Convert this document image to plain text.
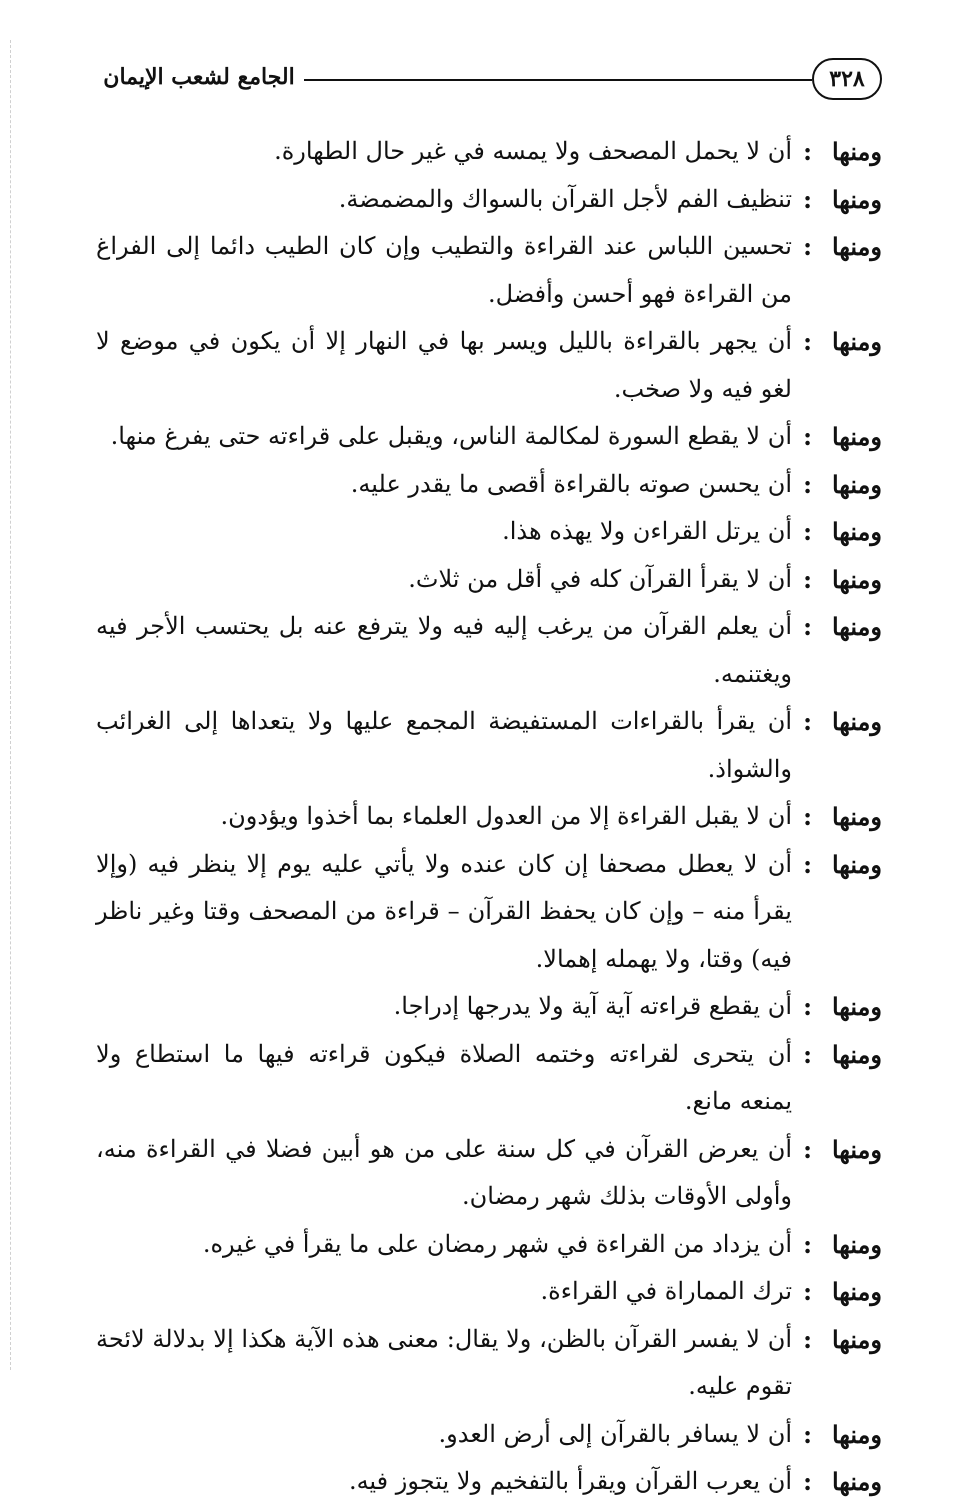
٣٢٨
الجامع لشعب الإيمان
ومنها
:
أن لا يحمل المصحف ولا يمسه في غير حال الطهارة.
ومنها
:
تنظيف الفم لأجل القرآن بالسواك والمضمضة.
ومنها
:
تحسين اللباس عند القراءة والتطيب وإن كان الطيب دائما إلى الفراغ من القراءة فهو أحسن وأفضل.
ومنها
:
أن يجهر بالقراءة بالليل ويسر بها في النهار إلا أن يكون في موضع لا لغو فيه ولا صخب.
ومنها
:
أن لا يقطع السورة لمكالمة الناس، ويقبل على قراءته حتى يفرغ منها.
ومنها
:
أن يحسن صوته بالقراءة أقصى ما يقدر عليه.
ومنها
:
أن يرتل القراءن ولا يهذه هذا.
ومنها
:
أن لا يقرأ القرآن كله في أقل من ثلاث.
ومنها
:
أن يعلم القرآن من يرغب إليه فيه ولا يترفع عنه بل يحتسب الأجر فيه ويغتنمه.
ومنها
:
أن يقرأ بالقراءات المستفيضة المجمع عليها ولا يتعداها إلى الغرائب والشواذ.
ومنها
:
أن لا يقبل القراءة إلا من العدول العلماء بما أخذوا ويؤدون.
ومنها
:
أن لا يعطل مصحفا إن كان عنده ولا يأتي عليه يوم إلا ينظر فيه (وإلا يقرأ منه – وإن كان يحفظ القرآن – قراءة من المصحف وقتا وغير ناظر فيه) وقتا، ولا يهمله إهمالا.
ومنها
:
أن يقطع قراءته آية آية ولا يدرجها إدراجا.
ومنها
:
أن يتحرى لقراءته وختمه الصلاة فيكون قراءته فيها ما استطاع ولا يمنعه مانع.
ومنها
:
أن يعرض القرآن في كل سنة على من هو أبين فضلا في القراءة منه، وأولى الأوقات بذلك شهر رمضان.
ومنها
:
أن يزداد من القراءة في شهر رمضان على ما يقرأ في غيره.
ومنها
:
ترك المماراة في القراءة.
ومنها
:
أن لا يفسر القرآن بالظن، ولا يقال: معنى هذه الآية هكذا إلا بدلالة لائحة تقوم عليه.
ومنها
:
أن لا يسافر بالقرآن إلى أرض العدو.
ومنها
:
أن يعرب القرآن ويقرأ بالتفخيم ولا يتجوز فيه.
